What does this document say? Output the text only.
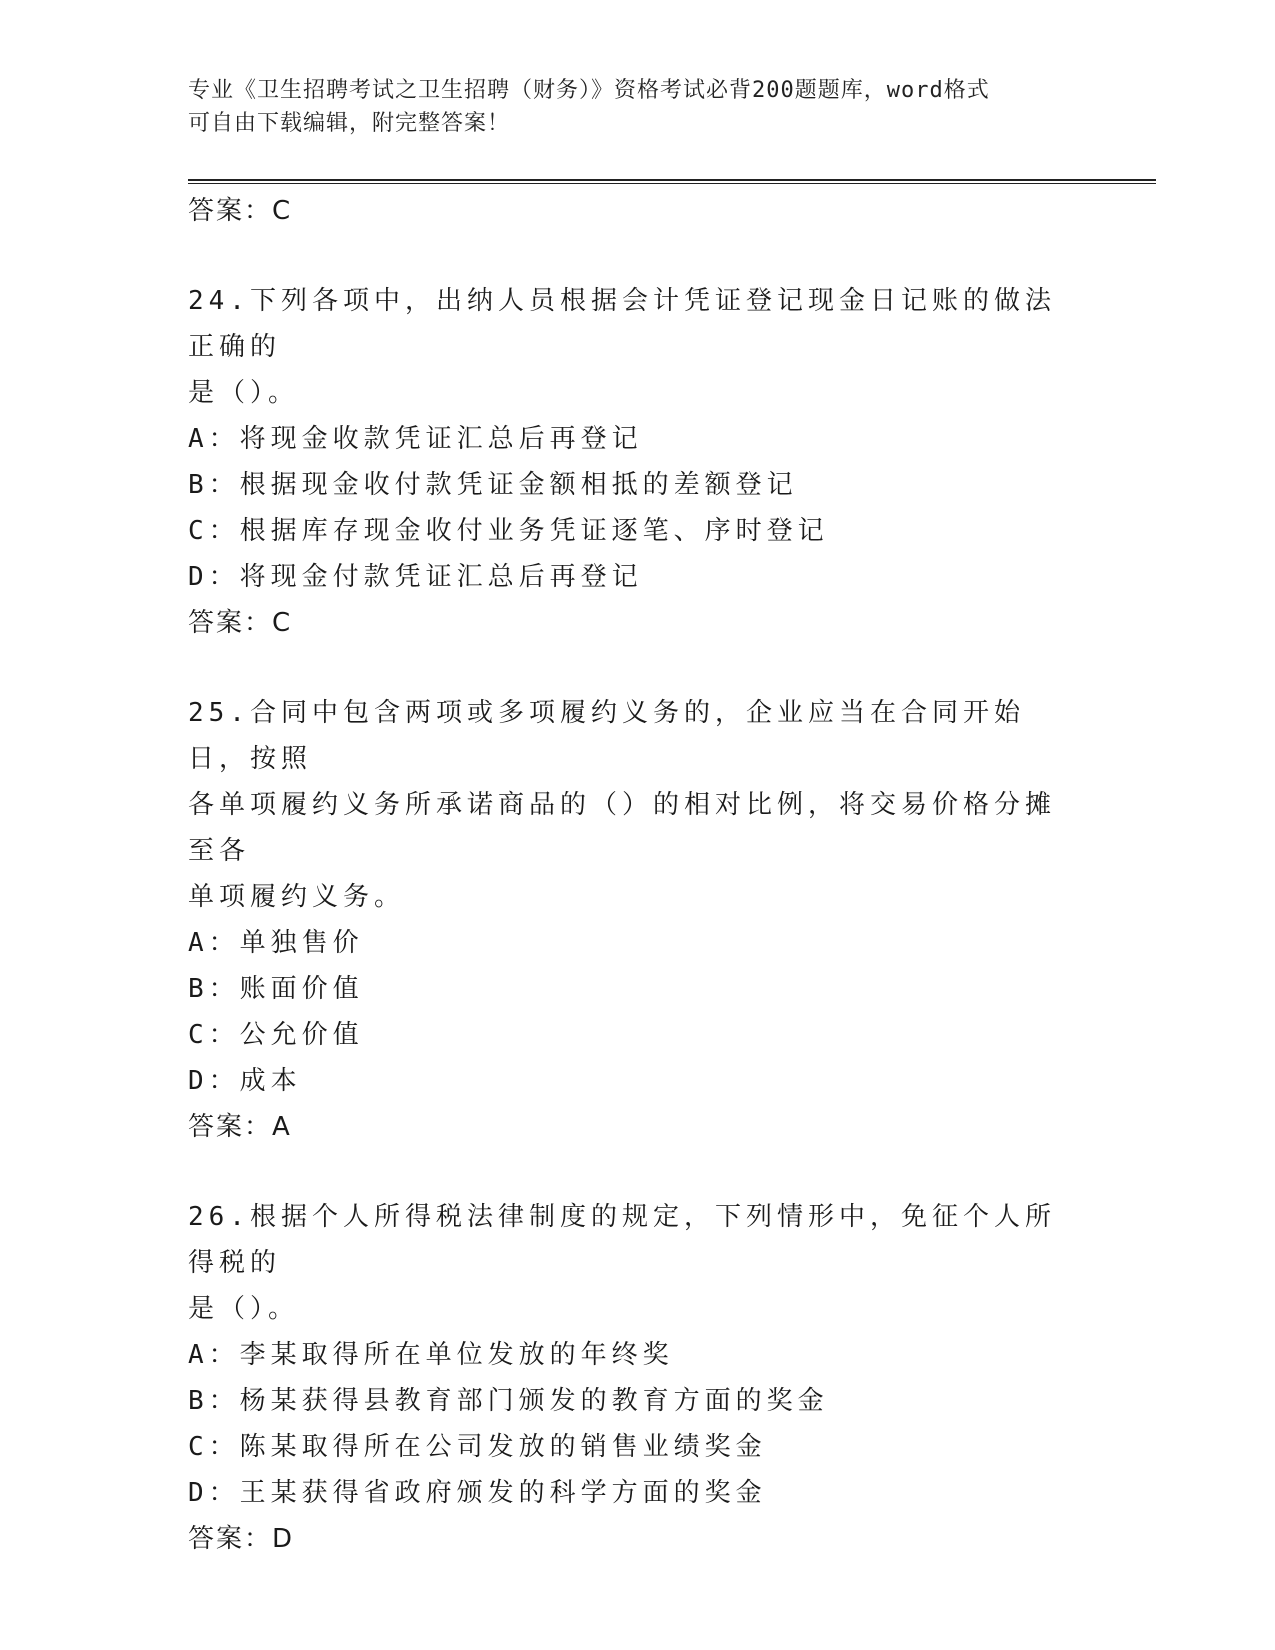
专业《卫生招聘考试之卫生招聘（财务）》资格考试必背200题题库，word格式
可自由下载编辑，附完整答案！
答案：C
24.下列各项中，出纳人员根据会计凭证登记现金日记账的做法正确的
是（）。
A：将现金收款凭证汇总后再登记
B：根据现金收付款凭证金额相抵的差额登记
C：根据库存现金收付业务凭证逐笔、序时登记
D：将现金付款凭证汇总后再登记
答案：C
25.合同中包含两项或多项履约义务的，企业应当在合同开始日，按照
各单项履约义务所承诺商品的（）的相对比例，将交易价格分摊至各
单项履约义务。
A：单独售价
B：账面价值
C：公允价值
D：成本
答案：A
26.根据个人所得税法律制度的规定，下列情形中，免征个人所得税的
是（）。
A：李某取得所在单位发放的年终奖
B：杨某获得县教育部门颁发的教育方面的奖金
C：陈某取得所在公司发放的销售业绩奖金
D：王某获得省政府颁发的科学方面的奖金
答案：D
